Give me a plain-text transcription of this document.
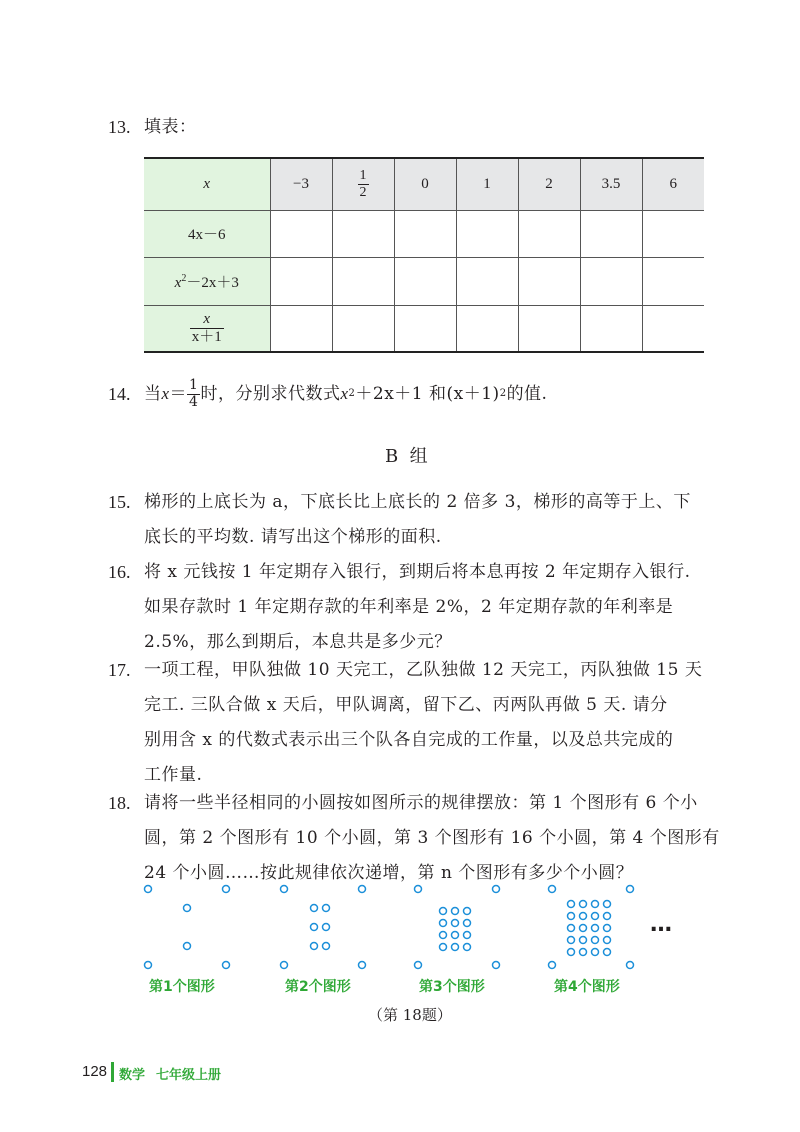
13. 填表：
x	−3	$\frac{1}{2}$	0	1	2	3.5	6
4x－6							
$x^2-2x+3$							

$\frac{x}{x+1}$

14. 当 $x = \frac{1}{4}$ 时，分别求代数式 x 2 ＋2x＋1 和(x＋1) 2 的值.
B  组
15. 梯形的上底长为 a，下底长比上底长的 2 倍多 3，梯形的高等于上、下
底长的平均数. 请写出这个梯形的面积.
16. 将 x 元钱按 1 年定期存入银行，到期后将本息再按 2 年定期存入银行.
如果存款时 1 年定期存款的年利率是 2%，2 年定期存款的年利率是
2.5%，那么到期后，本息共是多少元？
17. 一项工程，甲队独做 10 天完工，乙队独做 12 天完工，丙队独做 15 天
完工. 三队合做 x 天后，甲队调离，留下乙、丙两队再做 5 天. 请分
别用含 x 的代数式表示出三个队各自完成的工作量，以及总共完成的
工作量.
18. 请将一些半径相同的小圆按如图所示的规律摆放：第 1 个图形有 6 个小
圆，第 2 个图形有 10 个小圆，第 3 个图形有 16 个小圆，第 4 个图形有
24 个小圆……按此规律依次递增，第 n 个图形有多少个小圆？
…
第1个图形	第2个图形	第3个图形	第4个图形
（第 18题）
128 数学 七年级上册
